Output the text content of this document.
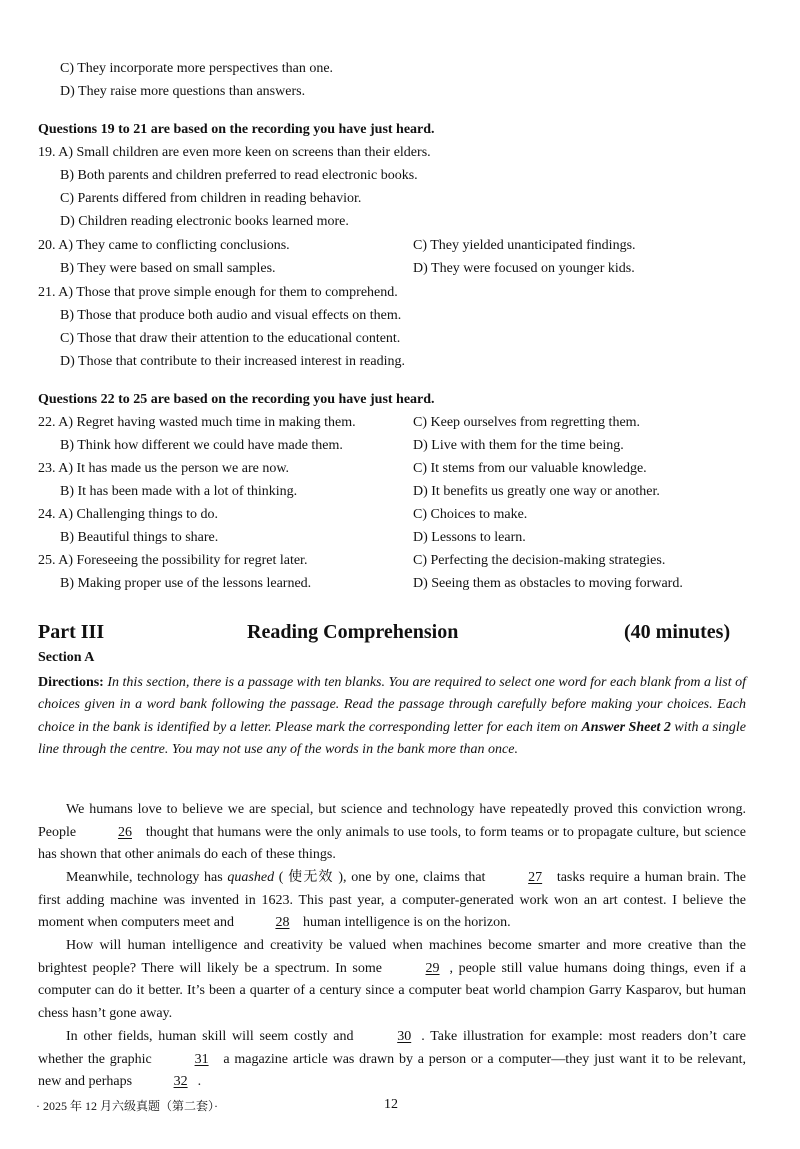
C) They incorporate more perspectives than one.
D) They raise more questions than answers.
Questions 19 to 21 are based on the recording you have just heard.
19. A) Small children are even more keen on screens than their elders.
B) Both parents and children preferred to read electronic books.
C) Parents differed from children in reading behavior.
D) Children reading electronic books learned more.
20. A) They came to conflicting conclusions.	C) They yielded unanticipated findings.
B) They were based on small samples.	D) They were focused on younger kids.
21. A) Those that prove simple enough for them to comprehend.
B) Those that produce both audio and visual effects on them.
C) Those that draw their attention to the educational content.
D) Those that contribute to their increased interest in reading.
Questions 22 to 25 are based on the recording you have just heard.
22. A) Regret having wasted much time in making them.	C) Keep ourselves from regretting them.
B) Think how different we could have made them.	D) Live with them for the time being.
23. A) It has made us the person we are now.	C) It stems from our valuable knowledge.
B) It has been made with a lot of thinking.	D) It benefits us greatly one way or another.
24. A) Challenging things to do.	C) Choices to make.
B) Beautiful things to share.	D) Lessons to learn.
25. A) Foreseeing the possibility for regret later.	C) Perfecting the decision-making strategies.
B) Making proper use of the lessons learned.	D) Seeing them as obstacles to moving forward.
Part III	Reading Comprehension	(40 minutes)
Section A
Directions: In this section, there is a passage with ten blanks. You are required to select one word for each blank from a list of choices given in a word bank following the passage. Read the passage through carefully before making your choices. Each choice in the bank is identified by a letter. Please mark the corresponding letter for each item on Answer Sheet 2 with a single line through the centre. You may not use any of the words in the bank more than once.
We humans love to believe we are special, but science and technology have repeatedly proved this conviction wrong. People	26 thought that humans were the only animals to use tools, to form teams or to propagate culture, but science has shown that other animals do each of these things.
Meanwhile, technology has quashed ( 使无效 ), one by one, claims that	27 tasks require a human brain. The first adding machine was invented in 1623. This past year, a computer-generated work won an art contest. I believe the moment when computers meet and	28 human intelligence is on the horizon.
How will human intelligence and creativity be valued when machines become smarter and more creative than the brightest people? There will likely be a spectrum. In some	29 , people still value humans doing things, even if a computer can do it better. It’s been a quarter of a century since a computer beat world champion Garry Kasparov, but human chess hasn’t gone away.
In other fields, human skill will seem costly and	30 . Take illustration for example: most readers don’t care whether the graphic	31 a magazine article was drawn by a person or a computer—they just want it to be relevant, new and perhaps	32 .
· 2025 年 12 月六级真题（第二套）·	12
